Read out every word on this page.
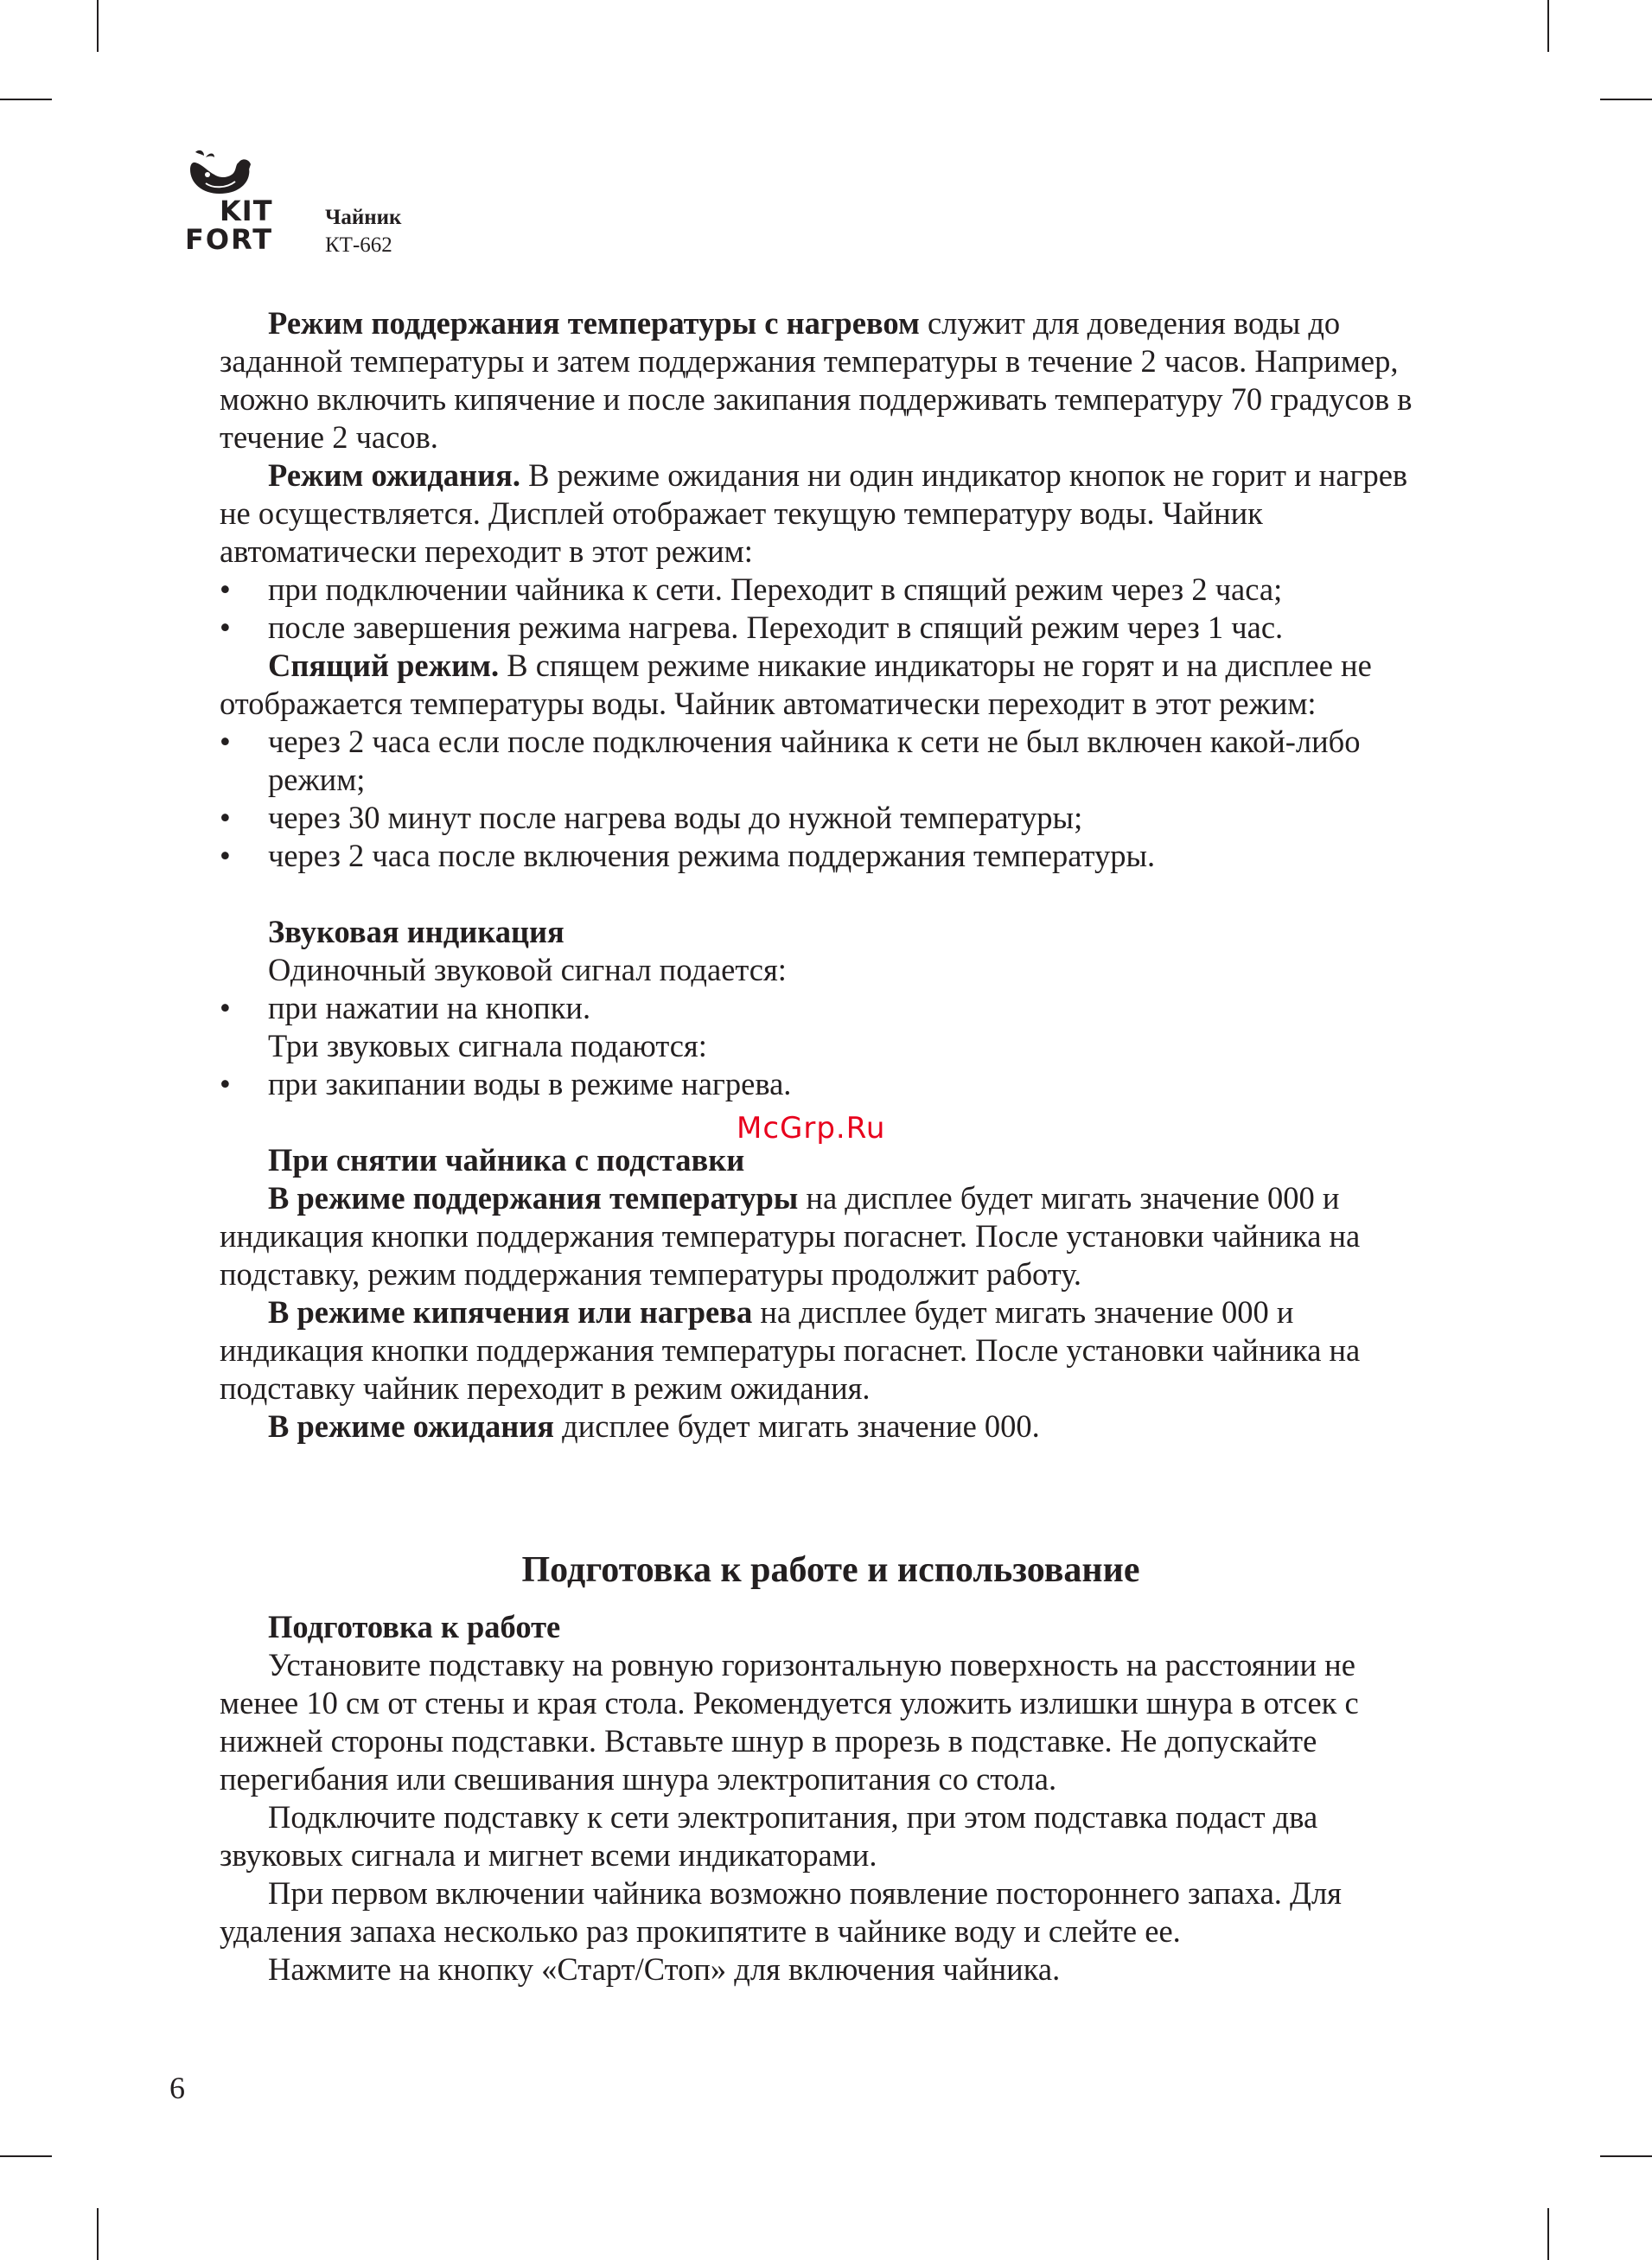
KIT
FORT
Чайник
КТ-662

Режим поддержания температуры с нагревом служит для доведения воды до заданной температуры и затем поддержания температуры в течение 2 часов. Например, можно включить кипячение и после закипания поддерживать температуру 70 градусов в течение 2 часов.

Режим ожидания. В режиме ожидания ни один индикатор кнопок не горит и нагрев не осуществляется. Дисплей отображает текущую температуру воды. Чайник автоматически переходит в этот режим:

• при подключении чайника к сети. Переходит в спящий режим через 2 часа;
• после завершения режима нагрева. Переходит в спящий режим через 1 час.

Спящий режим. В спящем режиме никакие индикаторы не горят и на дисплее не отображается температуры воды. Чайник автоматически переходит в этот режим:

• через 2 часа если после подключения чайника к сети не был включен какой-либо режим;
• через 30 минут после нагрева воды до нужной температуры;
• через 2 часа после включения режима поддержания температуры.

Звуковая индикация

Одиночный звуковой сигнал подается:

• при нажатии на кнопки.

Три звуковых сигнала подаются:

• при закипании воды в режиме нагрева.

При снятии чайника с подставки

В режиме поддержания температуры на дисплее будет мигать значение 000 и индикация кнопки поддержания температуры погаснет. После установки чайника на подставку, режим поддержания температуры продолжит работу.

В режиме кипячения или нагрева на дисплее будет мигать значение 000 и индикация кнопки поддержания температуры погаснет. После установки чайника на подставку чайник переходит в режим ожидания.

В режиме ожидания дисплее будет мигать значение 000.

Подготовка к работе и использование

Подготовка к работе

Установите подставку на ровную горизонтальную поверхность на расстоянии не менее 10 см от стены и края стола. Рекомендуется уложить излишки шнура в отсек с нижней стороны подставки. Вставьте шнур в прорезь в подставке. Не допускайте перегибания или свешивания шнура электропитания со стола.

Подключите подставку к сети электропитания, при этом подставка подаст два звуковых сигнала и мигнет всеми индикаторами.

При первом включении чайника возможно появление постороннего запаха. Для удаления запаха несколько раз прокипятите в чайнике воду и слейте ее.

Нажмите на кнопку «Старт/Стоп» для включения чайника.

McGrp.Ru
6
